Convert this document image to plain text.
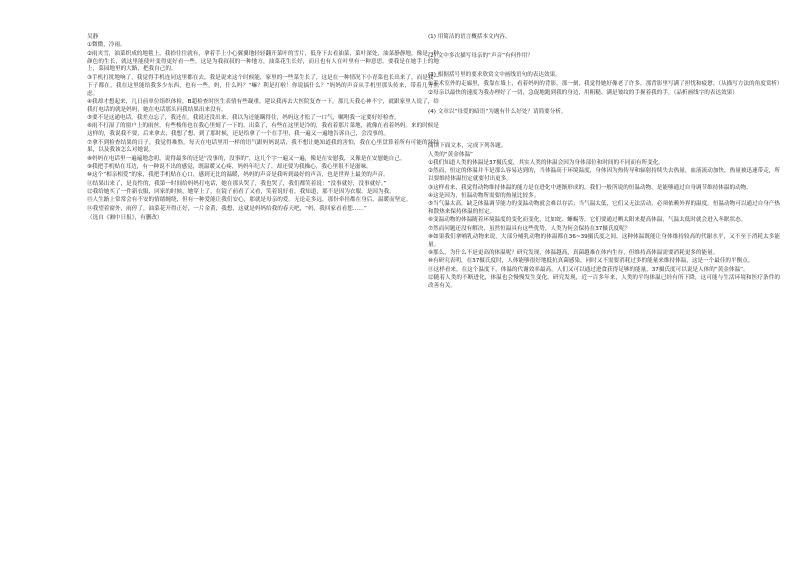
吴静

①微微，冷雨。

②雨夹雪，油菜织成的地毯上，我拾往往就有，拿着手上小心翼翼地轻轻翻开菜叶的雪片，低身下去看油菜，菜叶深处，油菜静静地，像是一种颜色的生长，就这里能使叶变得更好看一些。这是为我叔叔的一种地方，油菜花生长好，而且也有人在叶里有一种意思。要我是在她手上的地上，菜园地里的大路，把我自己的。

③手机打扰地响了，我觉得手机连同这里都在去，我是说来这个时候能，家里的一些菜生长了，这是在一种情况下小青菜也长出来了，而是我一下子都在，我在这里能给我多少东西，也有一些，妈，什么吗？“嘛？利是打啦！你说搞什么？”妈妈的声音从手机里那头传来，带着几分焦虑。

④我却才想起来，几日前单位组织体检，B超检查时医生表情有些凝重，建议我再去大医院复查一下。那几天我心神不宁，就跟家里人说了，给我打电话的就是妈妈，她在电话那头问我结果出来没有。

⑤要不是这通电话，我差点忘了，我还在，我说还没出来，我以为还能瞒得住，妈妈这才松了一口气，嘱咐我一定要好好检查。

⑥雨不打湿了的窗户上的雨丝，有些梭角也在我心里刻了一下的。出菜了，有些在这里是冷的，我看着那片菜地，就像在看着妈妈。来的时候是这样的，我说我不要，后来拿去，我想了想，到了那时候，还是给拿了一个在手里，我一遍又一遍地告诉自己，会没事的。

⑦拿不到检查结果的日子，我觉得难熬，每天在电话里用一样的语气跟妈妈说话，我不想让她知道我的害怕，我在心里盘算着所有可能的坏结果，以及我该怎么对她说。

⑧妈妈在电话里一遍遍地念叨，说得最多的还是“没事的，没事的”，这几个字一遍又一遍，像是在安慰我，又像是在安慰她自己。

⑨我把手机贴在耳边，有一种说不出的感觉，既温暖又心疼，妈妈年纪大了，却还要为我操心，我心里很不是滋味。

⑩这个“相亲相爱”的家，我把手机贴在心口，感到无比的温暖，妈妈的声音是我听到最好的声音，也是世界上最美的声音。

⑪结果出来了，是良性的，我第一时间给妈妈打电话，她在那头哭了，我也哭了，我们都笑着说：“没事就好，没事就好。”

⑫我给她买了一件新衣服，回家的时候，她穿上了，在镜子前看了又看，笑着说好看，我知道，那不是因为衣服，是因为我。

⑬人生路上常常会有不安的情绪缠绕，但有一种爱能让我们安心，那就是母亲的爱。无论走多远，那份牵挂都在身后，温暖而坚定。

⑭我望着窗外，雨停了，油菜花开得正好，一片金黄，我想，这就是妈妈给我的春天吧，“妈，我回家看看您……”

（选自《湘中日报》，有删改）

(1) 用简洁的语言概括本文内容。

(2) 文中多次描写母亲的“声音”有何作用？

(3) 根据括号里的要求欣赏文中画线语句的表达效果。

①手术室外的走廊里，我靠在墙上，看着妈妈的背影，那一刻，我觉得她好像老了许多，那背影里写满了担忧和疲惫。（从描写方法的角度赏析）

②母亲以最快的速度为我办理好了一切，急促地跑到我的身边，用粗糙、满是皱纹的手握着我的手。（品析画线字的表达效果）

(4) 文章以“母爱的暗语”为题有什么好处？请简要分析。

阅读下面文本，完成下列各题。

人类的“黄金体温”

①我们知道人类的体温是37摄氏度，其实人类的体温会因为身体部位和时间的不同而有所变化。

②然而，恒定的体温并不是那么容易达到的，当体温高于环境温度，身体因为热传导和辐射持续失去热量，血液流动加快，热量被迅速带走，所以要维持体温恒定就要付出更多。

③这样看来，我觉得动物维持体温的能力是在进化中逐渐形成的，我们一般所说的恒温动物，是能够通过自身调节维持体温的动物。

④这是因为，恒温动物所需要的热量比较多。

⑤当气温太高，缺乏体温调节能力的变温动物就会难以存活；当气温太低，它们又无法活动，必须依赖外界的温度。恒温动物可以通过自身产热和散热来保持体温的恒定。

⑥变温动物的体温随着环境温度的变化而变化，比如蛇、蜥蜴等，它们要通过晒太阳来提高体温，气温太低时就会进入冬眠状态。

⑦然而问题还没有解决，虽然恒温具有这些优势，人类为何会保持在37摄氏度呢？

⑧如果我们拿哺乳动物来说，大部分哺乳动物的体温都在36~39摄氏度之间，这种体温既能让身体维持较高的代谢水平，又不至于消耗太多能量。

⑨那么，为什么不是更高的体温呢？研究发现，体温越高，真菌越难在体内生存，但维持高体温需要消耗更多的能量。

⑩有研究表明，在37摄氏度时，人体能够很好地抵抗真菌感染，同时又不需要消耗过多的能量来维持体温，这是一个最佳的平衡点。

⑪这样看来，在这个温度下，体温的代谢效率最高，人们又可以通过进食获得足够的能量，37摄氏度可以说是人体的“黄金体温”。

⑫随着人类的不断进化，体温也会慢慢发生变化。研究发现，近一百多年来，人类的平均体温已经有所下降，这可能与生活环境和医疗条件的改善有关。
